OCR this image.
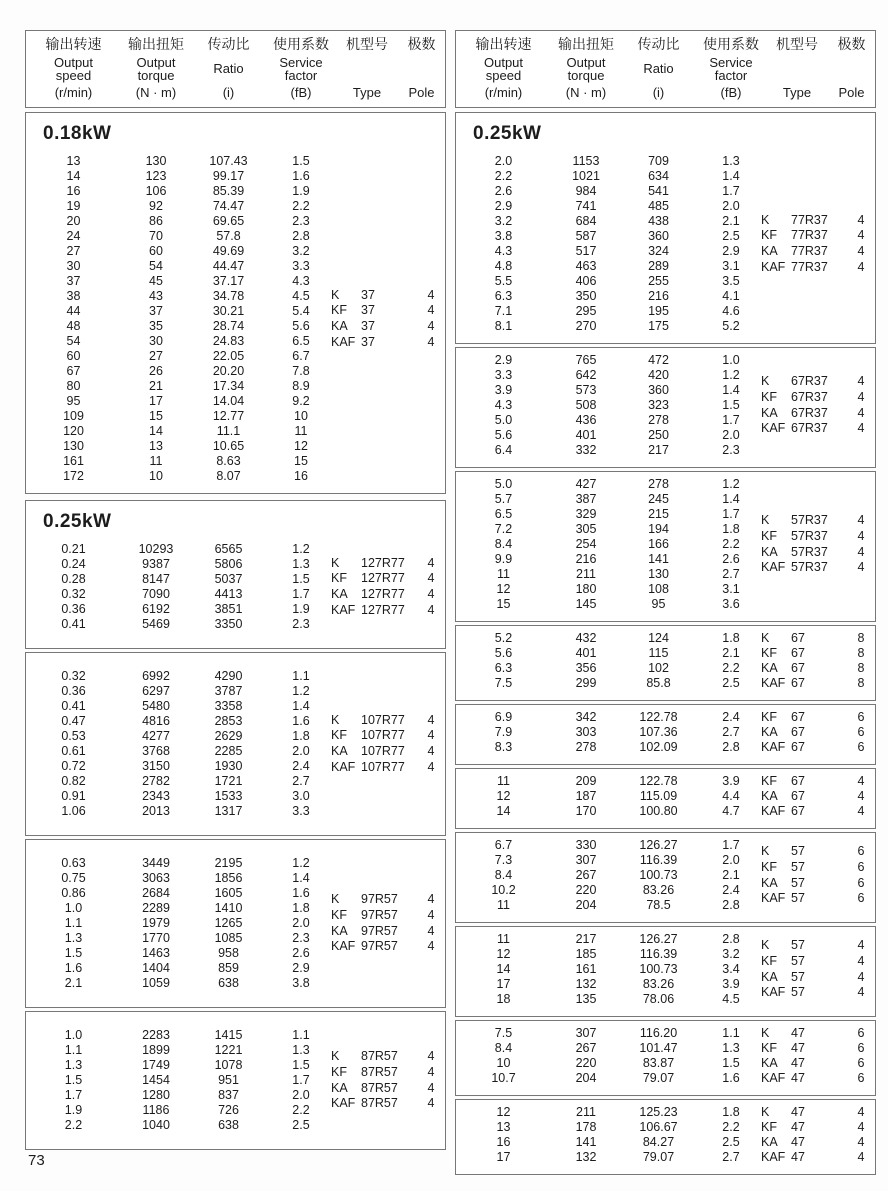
输出转速
Output speed
(r/min)
输出扭矩
Output torque
(N · m)
传动比
Ratio
(i)
使用系数
Service factor
(fB)
机型号
Type
极数
Pole
0.18kW
13	130	107.43	1.5
14	123	99.17	1.6
16	106	85.39	1.9
19	92	74.47	2.2
20	86	69.65	2.3
24	70	57.8	2.8
27	60	49.69	3.2
30	54	44.47	3.3
37	45	37.17	4.3
38	43	34.78	4.5
44	37	30.21	5.4
48	35	28.74	5.6
54	30	24.83	6.5
60	27	22.05	6.7
67	26	20.20	7.8
80	21	17.34	8.9
95	17	14.04	9.2
109	15	12.77	10
120	14	11.1	11
130	13	10.65	12
161	11	8.63	15
172	10	8.07	16
K	37	4
KF	37	4
KA	37	4
KAF 37	4
0.25kW
0.21	10293	6565	1.2
0.24	9387	5806	1.3
0.28	8147	5037	1.5
0.32	7090	4413	1.7
0.36	6192	3851	1.9
0.41	5469	3350	2.3
K	127R77	4
KF	127R77	4
KA	127R77	4
KAF 127R77	4
0.32	6992	4290	1.1
0.36	6297	3787	1.2
0.41	5480	3358	1.4
0.47	4816	2853	1.6
0.53	4277	2629	1.8
0.61	3768	2285	2.0
0.72	3150	1930	2.4
0.82	2782	1721	2.7
0.91	2343	1533	3.0
1.06	2013	1317	3.3
K	107R77	4
KF	107R77	4
KA	107R77	4
KAF 107R77	4
0.63	3449	2195	1.2
0.75	3063	1856	1.4
0.86	2684	1605	1.6
1.0	2289	1410	1.8
1.1	1979	1265	2.0
1.3	1770	1085	2.3
1.5	1463	958	2.6
1.6	1404	859	2.9
2.1	1059	638	3.8
K	97R57	4
KF	97R57	4
KA	97R57	4
KAF 97R57	4
1.0	2283	1415	1.1
1.1	1899	1221	1.3
1.3	1749	1078	1.5
1.5	1454	951	1.7
1.7	1280	837	2.0
1.9	1186	726	2.2
2.2	1040	638	2.5
K	87R57	4
KF	87R57	4
KA	87R57	4
KAF 87R57	4
输出转速
Output speed
(r/min)
输出扭矩
Output torque
(N · m)
传动比
Ratio
(i)
使用系数
Service factor
(fB)
机型号
Type
极数
Pole
0.25kW
2.0	1153	709	1.3
2.2	1021	634	1.4
2.6	984	541	1.7
2.9	741	485	2.0
3.2	684	438	2.1
3.8	587	360	2.5
4.3	517	324	2.9
4.8	463	289	3.1
5.5	406	255	3.5
6.3	350	216	4.1
7.1	295	195	4.6
8.1	270	175	5.2
K	77R37	4
KF	77R37	4
KA	77R37	4
KAF 77R37	4
2.9	765	472	1.0
3.3	642	420	1.2
3.9	573	360	1.4
4.3	508	323	1.5
5.0	436	278	1.7
5.6	401	250	2.0
6.4	332	217	2.3
K	67R37	4
KF	67R37	4
KA	67R37	4
KAF 67R37	4
5.0	427	278	1.2
5.7	387	245	1.4
6.5	329	215	1.7
7.2	305	194	1.8
8.4	254	166	2.2
9.9	216	141	2.6
11	211	130	2.7
12	180	108	3.1
15	145	95	3.6
K	57R37	4
KF	57R37	4
KA	57R37	4
KAF 57R37	4
5.2	432	124	1.8
5.6	401	115	2.1
6.3	356	102	2.2
7.5	299	85.8	2.5
K	67	8
KF	67	8
KA	67	8
KAF 67	8
6.9	342	122.78	2.4
7.9	303	107.36	2.7
8.3	278	102.09	2.8
KF	67	6
KA	67	6
KAF 67	6
11	209	122.78	3.9
12	187	115.09	4.4
14	170	100.80	4.7
KF	67	4
KA	67	4
KAF 67	4
6.7	330	126.27	1.7
7.3	307	116.39	2.0
8.4	267	100.73	2.1
10.2	220	83.26	2.4
11	204	78.5	2.8
K	57	6
KF	57	6
KA	57	6
KAF 57	6
11	217	126.27	2.8
12	185	116.39	3.2
14	161	100.73	3.4
17	132	83.26	3.9
18	135	78.06	4.5
K	57	4
KF	57	4
KA	57	4
KAF 57	4
7.5	307	116.20	1.1
8.4	267	101.47	1.3
10	220	83.87	1.5
10.7	204	79.07	1.6
K	47	6
KF	47	6
KA	47	6
KAF 47	6
12	211	125.23	1.8
13	178	106.67	2.2
16	141	84.27	2.5
17	132	79.07	2.7
K	47	4
KF	47	4
KA	47	4
KAF 47	4
73
